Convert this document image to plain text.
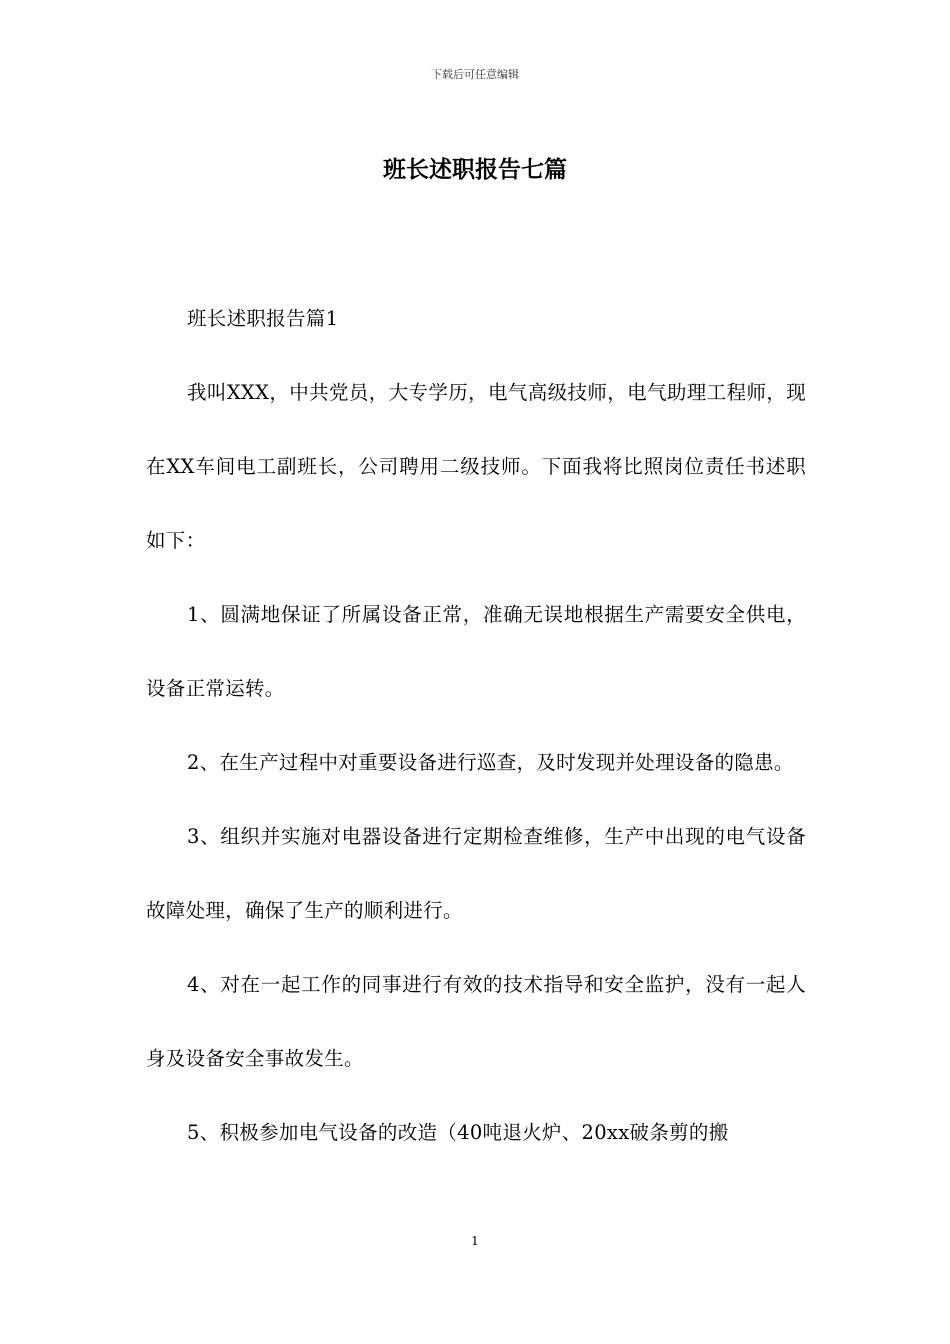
下载后可任意编辑
班长述职报告七篇

班长述职报告篇1

我叫XXX，中共党员，大专学历，电气高级技师，电气助理工程师，现在XX车间电工副班长，公司聘用二级技师。下面我将比照岗位责任书述职如下：

1、圆满地保证了所属设备正常，准确无误地根据生产需要安全供电，设备正常运转。

2、在生产过程中对重要设备进行巡查，及时发现并处理设备的隐患。

3、组织并实施对电器设备进行定期检查维修，生产中出现的电气设备故障处理，确保了生产的顺利进行。

4、对在一起工作的同事进行有效的技术指导和安全监护，没有一起人身及设备安全事故发生。

5、积极参加电气设备的改造（40吨退火炉、20xx破条剪的搬

1
